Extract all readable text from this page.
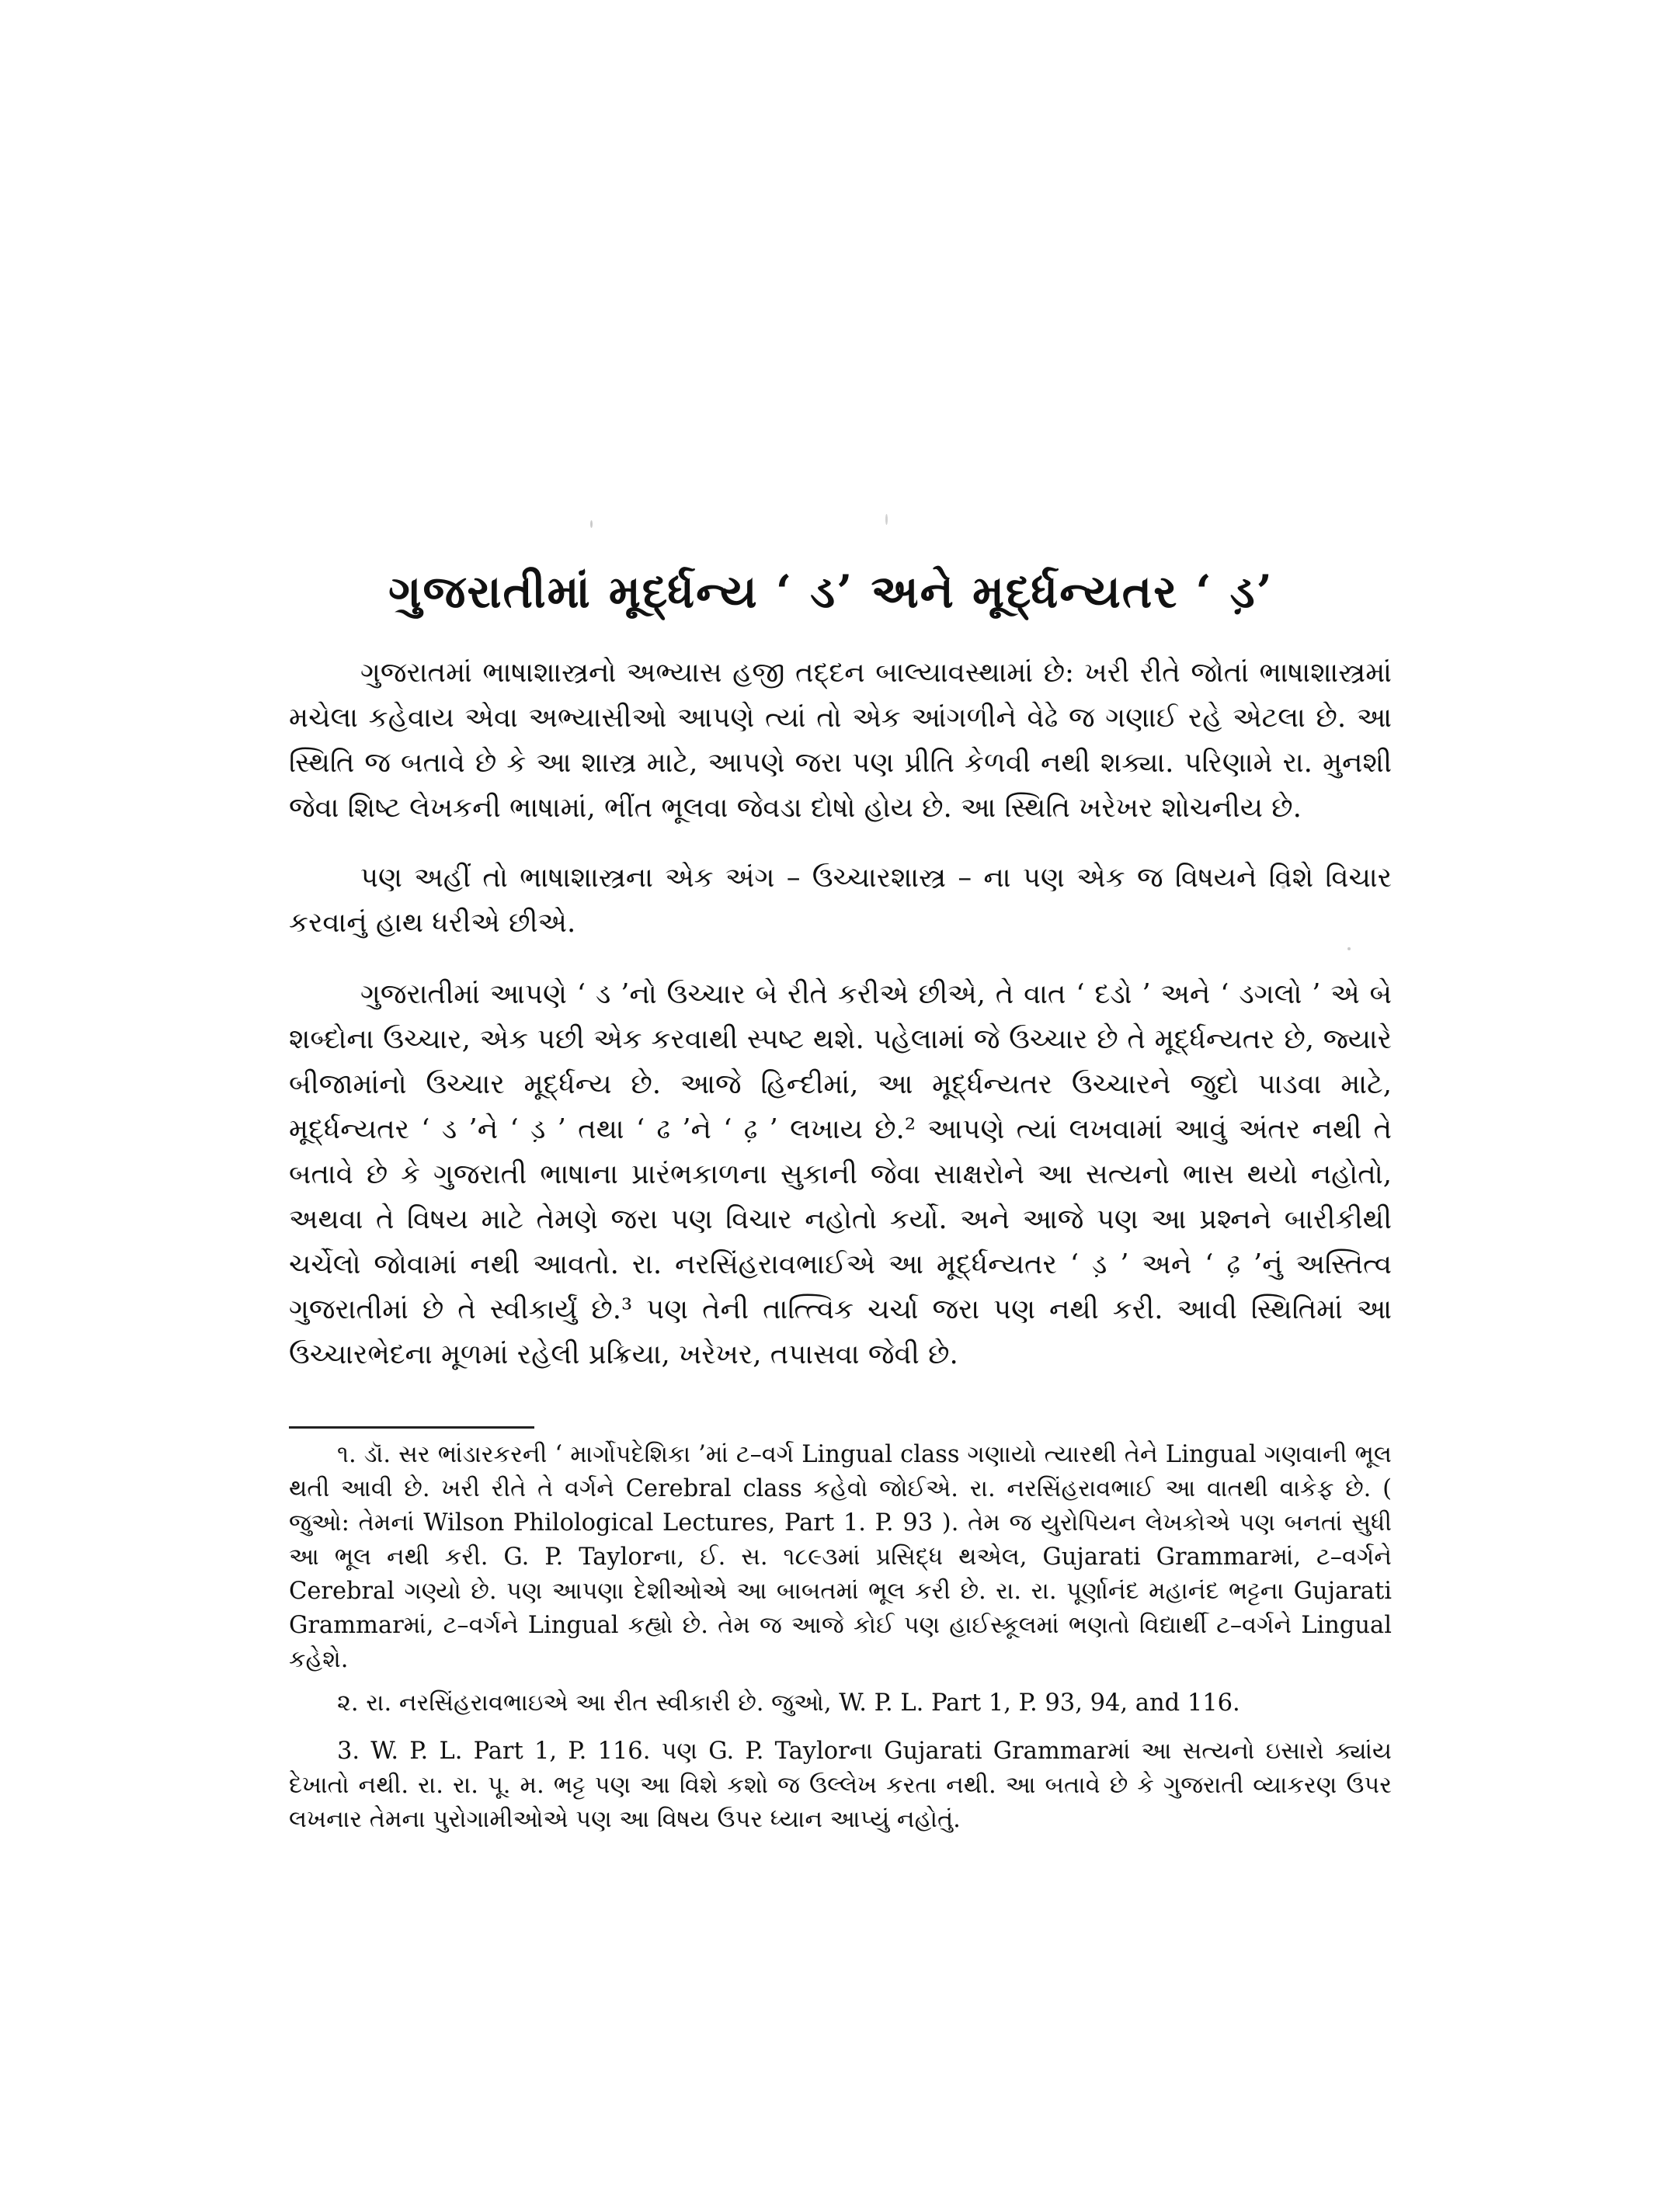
ગુજરાતીમાં મૂર્દ્ધન્ય ‘ ડ’ અને મૂર્દ્ધન્યતર ‘ ડ઼’

ગુજરાતમાં ભાષાશાસ્ત્રનો અભ્યાસ હજી તદ્દન બાલ્યાવસ્થામાં છે: ખરી રીતે જોતાં ભાષાશાસ્ત્રમાં મચેલા કહેવાય એવા અભ્યાસીઓ આપણે ત્યાં તો એક આંગળીને વેઢે જ ગણાઈ રહે એટલા છે. આ સ્થિતિ જ બતાવે છે કે આ શાસ્ત્ર માટે, આપણે જરા પણ પ્રીતિ કેળવી નથી શક્યા. પરિણામે રા. મુનશી જેવા શિષ્ટ લેખકની ભાષામાં, ભીંત ભૂલવા જેવડા દોષો હોય છે. આ સ્થિતિ ખરેખર શોચનીય છે.

પણ અહીં તો ભાષાશાસ્ત્રના એક અંગ – ઉચ્ચારશાસ્ત્ર – ના પણ એક જ વિષયને વિશે વિચાર કરવાનું હાથ ધરીએ છીએ.

ગુજરાતીમાં આપણે ‘ ડ ’નો ઉચ્ચાર બે રીતે કરીએ છીએ, તે વાત ‘ દડો ’ અને ‘ ડગલો ’ એ બે શબ્દોના ઉચ્ચાર, એક પછી એક કરવાથી સ્પષ્ટ થશે. પહેલામાં જે ઉચ્ચાર છે તે મૂર્દ્ધન્યતર છે, જ્યારે બીજામાંનો ઉચ્ચાર મૂર્દ્ધન્ય છે. આજે હિન્દીમાં, આ મૂર્દ્ધન્યતર ઉચ્ચારને જુદો પાડવા માટે, મૂર્દ્ધન્યતર ‘ ડ ’ને ‘ ડ઼ ’ તથા ‘ ઢ ’ને ‘ ઢ઼ ’ લખાય છે.² આપણે ત્યાં લખવામાં આવું અંતર નથી તે બતાવે છે કે ગુજરાતી ભાષાના પ્રારંભકાળના સુકાની જેવા સાક્ષરોને આ સત્યનો ભાસ થયો નહોતો, અથવા તે વિષય માટે તેમણે જરા પણ વિચાર નહોતો કર્યો. અને આજે પણ આ પ્રશ્નને બારીકીથી ચર્ચેલો જોવામાં નથી આવતો. રા. નરસિંહરાવભાઈએ આ મૂર્દ્ધન્યતર ‘ ડ઼ ’ અને ‘ ઢ઼ ’નું અસ્તિત્વ ગુજરાતીમાં છે તે સ્વીકાર્યું છે.³ પણ તેની તાત્ત્વિક ચર્ચા જરા પણ નથી કરી. આવી સ્થિતિમાં આ ઉચ્ચારભેદના મૂળમાં રહેલી પ્રક્રિયા, ખરેખર, તપાસવા જેવી છે.

૧. ડૉ. સર ભાંડારકરની ‘ માર્ગોપદેશિકા ’માં ટ–વર્ગ Lingual class ગણાયો ત્યારથી તેને Lingual ગણવાની ભૂલ થતી આવી છે. ખરી રીતે તે વર્ગને Cerebral class કહેવો જોઈએ. રા. નરસિંહરાવભાઈ આ વાતથી વાકેફ છે. ( જુઓ: તેમનાં Wilson Philological Lectures, Part 1. P. 93 ). તેમ જ યુરોપિયન લેખકોએ પણ બનતાં સુધી આ ભૂલ નથી કરી. G. P. Taylorના, ઈ. સ. ૧૮૯૩માં પ્રસિદ્ધ થએલ, Gujarati Grammarમાં, ટ–વર્ગને Cerebral ગણ્યો છે. પણ આપણા દેશીઓએ આ બાબતમાં ભૂલ કરી છે. રા. રા. પૂર્ણાનંદ મહાનંદ ભટ્ટના Gujarati Grammarમાં, ટ–વર્ગને Lingual કહ્યો છે. તેમ જ આજે કોઈ પણ હાઈસ્કૂલમાં ભણતો વિદ્યાર્થી ટ–વર્ગને Lingual કહેશે.

૨. રા. નરસિંહરાવભાઇએ આ રીત સ્વીકારી છે. જુઓ, W. P. L. Part 1, P. 93, 94, and 116.

3. W. P. L. Part 1, P. 116. પણ G. P. Taylorના Gujarati Grammarમાં આ સત્યનો ઇસારો ક્યાંય દેખાતો નથી. રા. રા. પૂ. મ. ભટ્ટ પણ આ વિશે કશો જ ઉલ્લેખ કરતા નથી. આ બતાવે છે કે ગુજરાતી વ્યાકરણ ઉપર લખનાર તેમના પુરોગામીઓએ પણ આ વિષય ઉપર ધ્યાન આપ્યું નહોતું.
